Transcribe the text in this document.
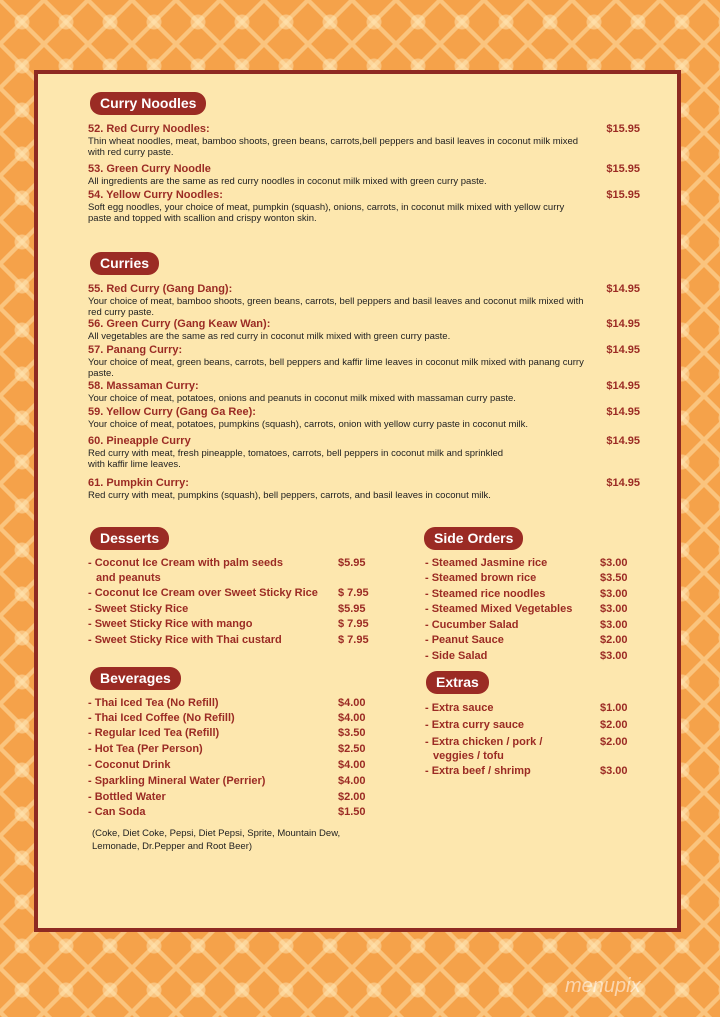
Curry Noodles
52. Red Curry Noodles:	$15.95
Thin wheat noodles, meat, bamboo shoots, green beans, carrots,bell peppers and basil leaves in coconut milk mixed with red curry paste.
53. Green Curry Noodle	$15.95
All ingredients are the same as red curry noodles in coconut milk mixed with green curry paste.
54. Yellow Curry Noodles:	$15.95
Soft egg noodles, your choice of meat, pumpkin (squash), onions, carrots, in coconut milk mixed with yellow curry paste and topped with scallion and crispy wonton skin.
Curries
55. Red Curry (Gang Dang):	$14.95
Your choice of meat, bamboo shoots, green beans, carrots, bell peppers and basil leaves and coconut milk mixed with red curry paste.
56. Green Curry (Gang Keaw Wan):	$14.95
All vegetables are the same as red curry in coconut milk mixed with green curry paste.
57. Panang Curry:	$14.95
Your choice of meat, green beans, carrots, bell peppers and kaffir lime leaves in coconut milk mixed with panang curry paste.
58. Massaman Curry:	$14.95
Your choice of meat, potatoes, onions and peanuts in coconut milk mixed with massaman curry paste.
59. Yellow Curry (Gang Ga Ree):	$14.95
Your choice of meat, potatoes, pumpkins (squash), carrots, onion with yellow curry paste in coconut milk.
60. Pineapple Curry	$14.95
Red curry with meat, fresh pineapple, tomatoes, carrots, bell peppers in coconut milk and sprinkled with kaffir lime leaves.
61. Pumpkin Curry:	$14.95
Red curry with meat, pumpkins (squash), bell peppers, carrots, and basil leaves in coconut milk.
Desserts
- Coconut Ice Cream with palm seeds	$5.95
and peanuts
- Coconut Ice Cream over Sweet Sticky Rice $ 7.95
- Sweet Sticky Rice	$5.95
- Sweet Sticky Rice with mango	$ 7.95
- Sweet Sticky Rice with Thai custard	$ 7.95
Beverages
- Thai Iced Tea (No Refill)	$4.00
- Thai Iced Coffee (No Refill)	$4.00
- Regular Iced Tea (Refill)	$3.50
- Hot Tea (Per Person)	$2.50
- Coconut Drink	$4.00
- Sparkling Mineral Water (Perrier)	$4.00
- Bottled Water	$2.00
- Can Soda	$1.50
(Coke, Diet Coke, Pepsi, Diet Pepsi, Sprite, Mountain Dew, Lemonade, Dr.Pepper and Root Beer)
Side Orders
- Steamed Jasmine rice	$3.00
- Steamed brown rice	$3.50
- Steamed rice noodles	$3.00
- Steamed Mixed Vegetables	$3.00
- Cucumber Salad	$3.00
- Peanut Sauce	$2.00
- Side Salad	$3.00
Extras
- Extra sauce	$1.00
- Extra curry sauce	$2.00
- Extra chicken / pork /	$2.00
veggies / tofu
- Extra beef / shrimp	$3.00
menupix
